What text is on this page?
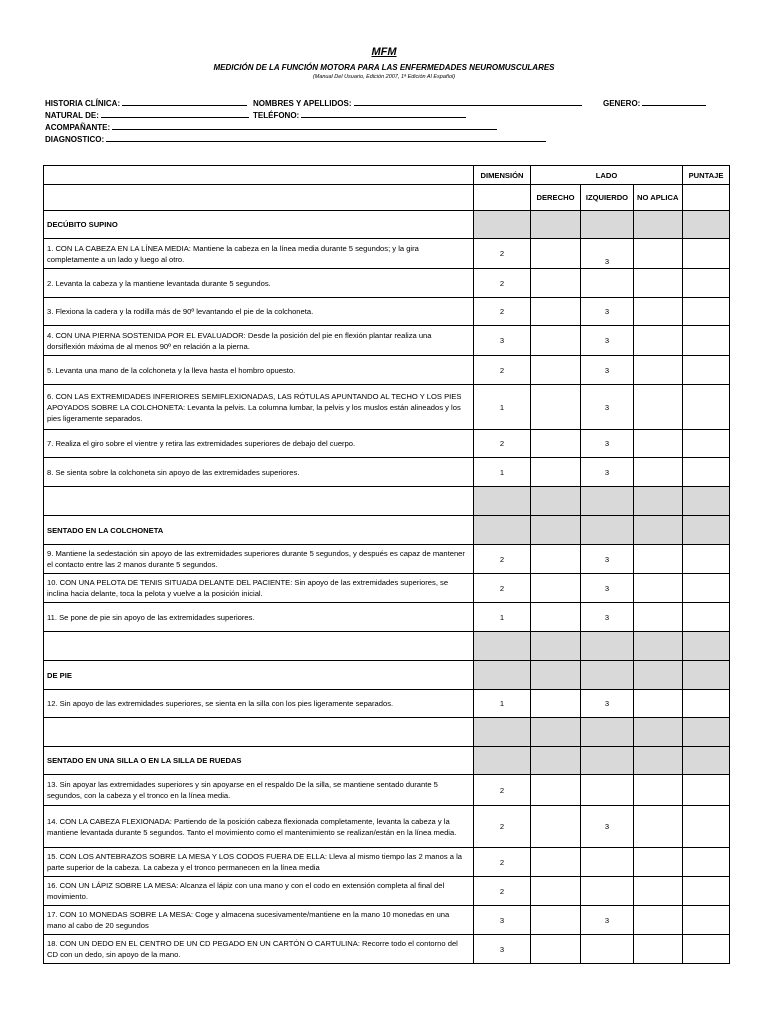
MFM
MEDICIÓN DE LA FUNCIÓN MOTORA PARA LAS ENFERMEDADES NEUROMUSCULARES
(Manual Del Usuario, Edición 2007, 1ª Edición Al Español)
HISTORIA CLÍNICA:	NOMBRES Y APELLIDOS:	GENERO:
NATURAL DE:	TELÉFONO:
ACOMPAÑANTE:
DIAGNOSTICO:
	DIMENSIÓN	LADO			PUNTAJE
		DERECHO	IZQUIERDO	NO APLICA	
DECÚBITO SUPINO					
1. CON LA CABEZA EN LA LÍNEA MEDIA: Mantiene la cabeza en la línea media durante 5 segundos; y la gira completamente a un lado y luego al otro.	2		3		
2. Levanta la cabeza y la mantiene levantada durante 5 segundos.	2				
3. Flexiona la cadera y la rodilla más de 90º levantando el pie de la colchoneta.	2		3		
4. CON UNA PIERNA SOSTENIDA POR EL EVALUADOR: Desde la posición del pie en flexión plantar realiza una dorsiflexión máxima de al menos 90º en relación a la pierna.	3		3		
5. Levanta una mano de la colchoneta y la lleva hasta el hombro opuesto.	2		3		
6. CON LAS EXTREMIDADES INFERIORES SEMIFLEXIONADAS, LAS RÓTULAS APUNTANDO AL TECHO Y LOS PIES APOYADOS SOBRE LA COLCHONETA: Levanta la pelvis. La columna lumbar, la pelvis y los muslos están alineados y los pies ligeramente separados.	1		3		
7. Realiza el giro sobre el vientre y retira las extremidades superiores de debajo del cuerpo.	2		3		
8. Se sienta sobre la colchoneta sin apoyo de las extremidades superiores.	1		3		

SENTADO EN LA COLCHONETA					
9. Mantiene la sedestación sin apoyo de las extremidades superiores durante 5 segundos, y después es capaz de mantener el contacto entre las 2 manos durante 5 segundos.	2		3		
10. CON UNA PELOTA DE TENIS SITUADA DELANTE DEL PACIENTE: Sin apoyo de las extremidades superiores, se inclina hacia delante, toca la pelota y vuelve a la posición inicial.	2		3		
11. Se pone de pie sin apoyo de las extremidades superiores.	1		3		

DE PIE					
12. Sin apoyo de las extremidades superiores, se sienta en la silla con los pies ligeramente separados.	1		3		

SENTADO EN UNA SILLA O EN LA SILLA DE RUEDAS					
13. Sin apoyar las extremidades superiores y sin apoyarse en el respaldo De la silla, se mantiene sentado durante 5 segundos, con la cabeza y el tronco en la línea media.	2				
14. CON LA CABEZA FLEXIONADA: Partiendo de la posición cabeza flexionada completamente, levanta la cabeza y la mantiene levantada durante 5 segundos. Tanto el movimiento como el mantenimiento se realizan/están en la línea media.	2		3		
15. CON LOS ANTEBRAZOS SOBRE LA MESA Y LOS CODOS FUERA DE ELLA: Lleva al mismo tiempo las 2 manos a la parte superior de la cabeza. La cabeza y el tronco permanecen en la línea media	2				
16. CON UN LÁPIZ SOBRE LA MESA: Alcanza el lápiz con una mano y con el codo en extensión completa al final del movimiento.	2				
17. CON 10 MONEDAS SOBRE LA MESA: Coge y almacena sucesivamente/mantiene en la mano 10 monedas en una mano al cabo de 20 segundos	3		3		
18. CON UN DEDO EN EL CENTRO DE UN CD PEGADO EN UN CARTÓN O CARTULINA: Recorre todo el contorno del CD con un dedo, sin apoyo de la mano.	3				
